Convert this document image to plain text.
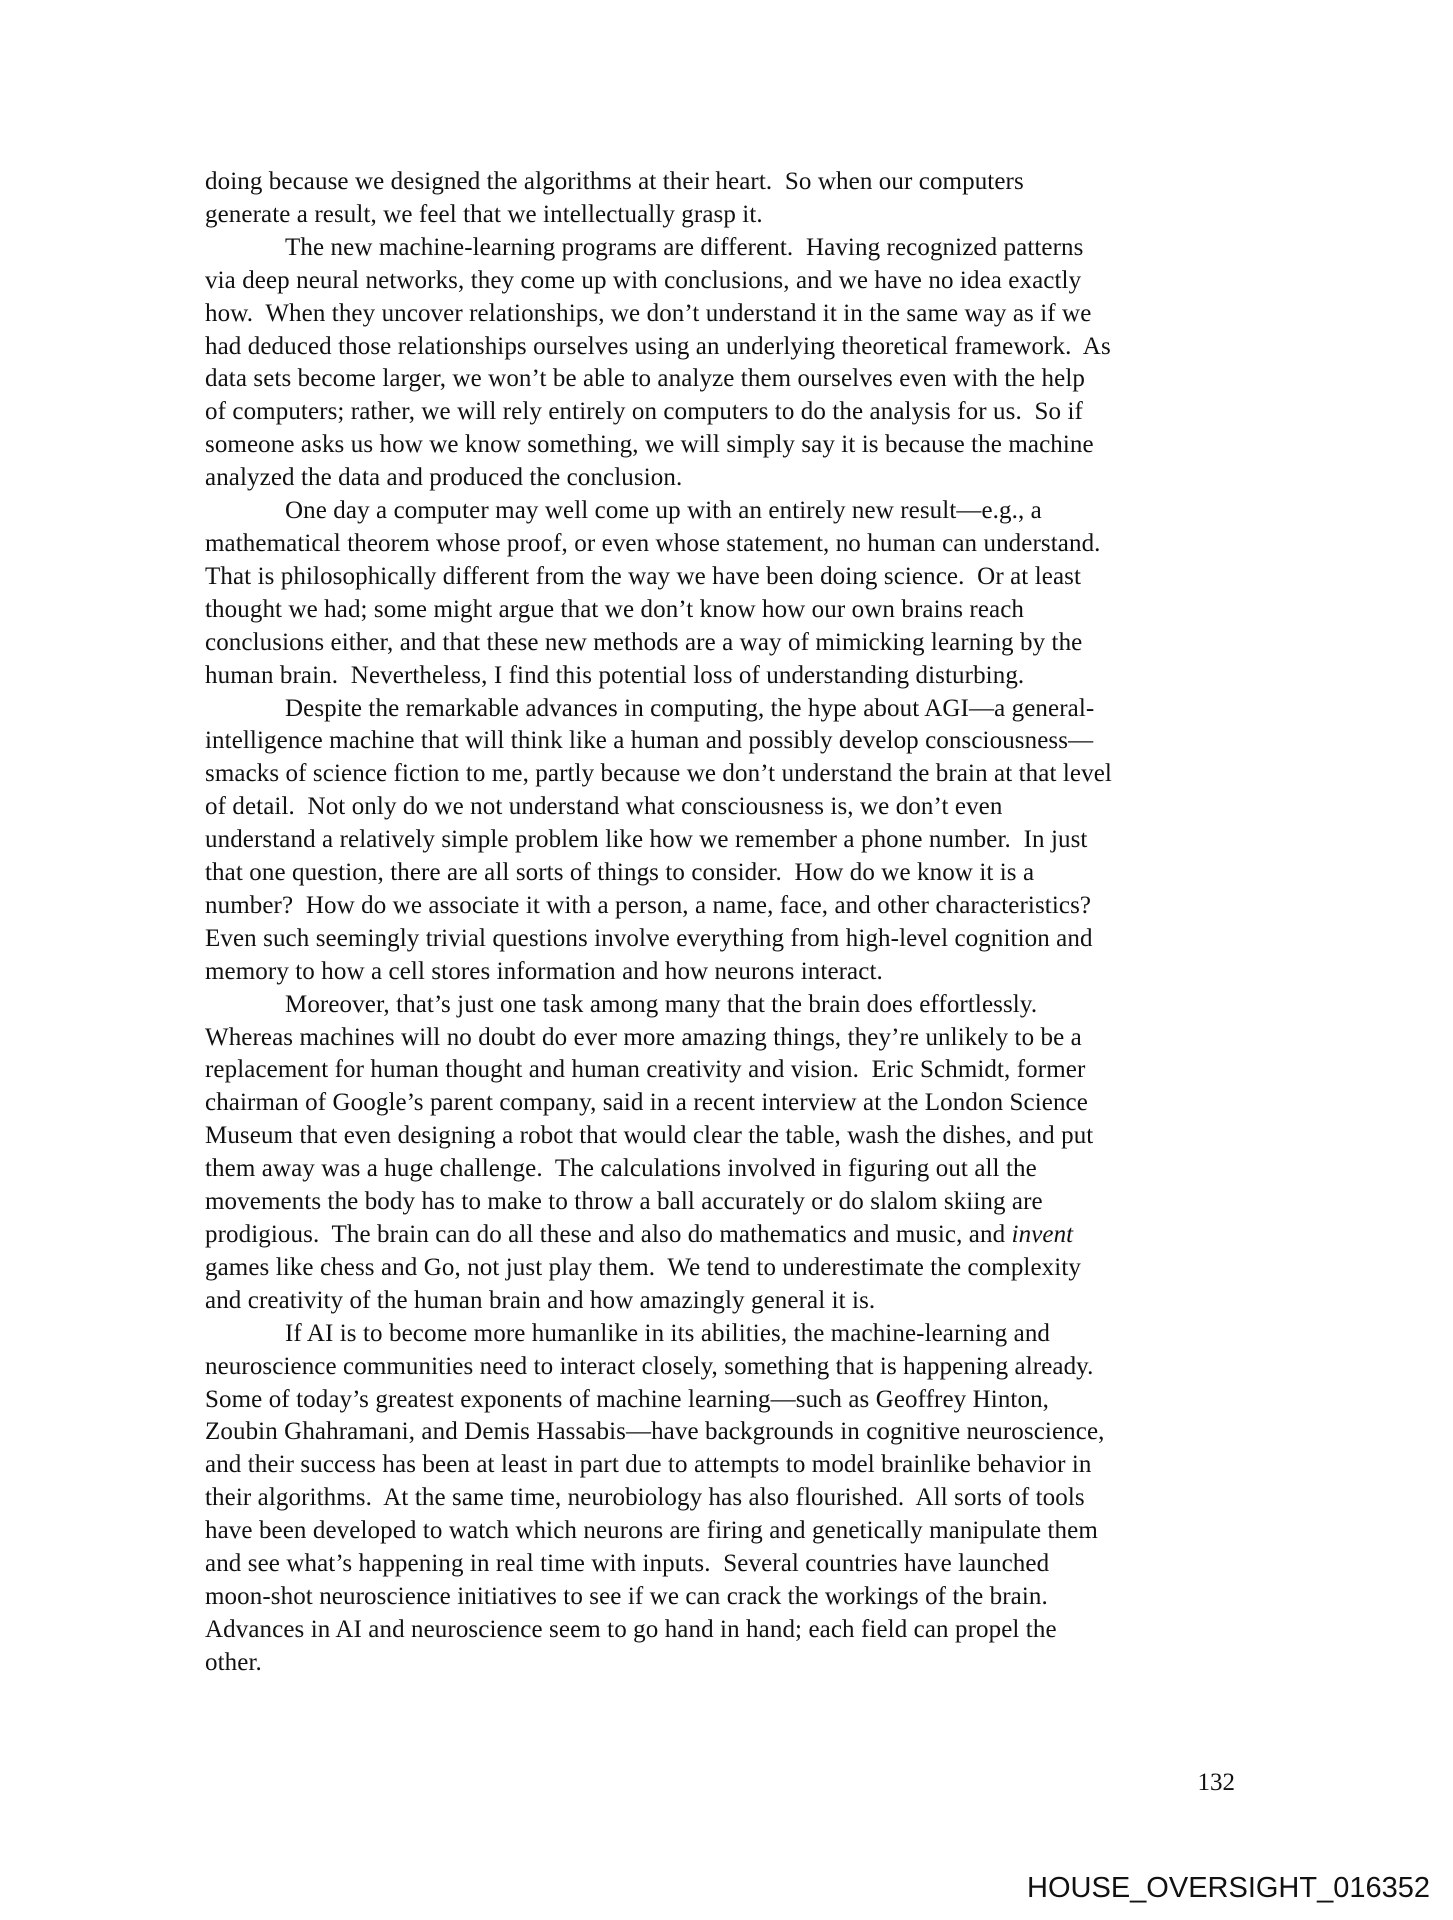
doing because we designed the algorithms at their heart.  So when our computers
generate a result, we feel that we intellectually grasp it.
The new machine-learning programs are different.  Having recognized patterns
via deep neural networks, they come up with conclusions, and we have no idea exactly
how.  When they uncover relationships, we don’t understand it in the same way as if we
had deduced those relationships ourselves using an underlying theoretical framework.  As
data sets become larger, we won’t be able to analyze them ourselves even with the help
of computers; rather, we will rely entirely on computers to do the analysis for us.  So if
someone asks us how we know something, we will simply say it is because the machine
analyzed the data and produced the conclusion.
One day a computer may well come up with an entirely new result—e.g., a
mathematical theorem whose proof, or even whose statement, no human can understand.
That is philosophically different from the way we have been doing science.  Or at least
thought we had; some might argue that we don’t know how our own brains reach
conclusions either, and that these new methods are a way of mimicking learning by the
human brain.  Nevertheless, I find this potential loss of understanding disturbing.
Despite the remarkable advances in computing, the hype about AGI—a general-
intelligence machine that will think like a human and possibly develop consciousness—
smacks of science fiction to me, partly because we don’t understand the brain at that level
of detail.  Not only do we not understand what consciousness is, we don’t even
understand a relatively simple problem like how we remember a phone number.  In just
that one question, there are all sorts of things to consider.  How do we know it is a
number?  How do we associate it with a person, a name, face, and other characteristics?
Even such seemingly trivial questions involve everything from high-level cognition and
memory to how a cell stores information and how neurons interact.
Moreover, that’s just one task among many that the brain does effortlessly.
Whereas machines will no doubt do ever more amazing things, they’re unlikely to be a
replacement for human thought and human creativity and vision.  Eric Schmidt, former
chairman of Google’s parent company, said in a recent interview at the London Science
Museum that even designing a robot that would clear the table, wash the dishes, and put
them away was a huge challenge.  The calculations involved in figuring out all the
movements the body has to make to throw a ball accurately or do slalom skiing are
prodigious.  The brain can do all these and also do mathematics and music, and invent
games like chess and Go, not just play them.  We tend to underestimate the complexity
and creativity of the human brain and how amazingly general it is.
If AI is to become more humanlike in its abilities, the machine-learning and
neuroscience communities need to interact closely, something that is happening already.
Some of today’s greatest exponents of machine learning—such as Geoffrey Hinton,
Zoubin Ghahramani, and Demis Hassabis—have backgrounds in cognitive neuroscience,
and their success has been at least in part due to attempts to model brainlike behavior in
their algorithms.  At the same time, neurobiology has also flourished.  All sorts of tools
have been developed to watch which neurons are firing and genetically manipulate them
and see what’s happening in real time with inputs.  Several countries have launched
moon-shot neuroscience initiatives to see if we can crack the workings of the brain.
Advances in AI and neuroscience seem to go hand in hand; each field can propel the
other.
132
HOUSE_OVERSIGHT_016352
